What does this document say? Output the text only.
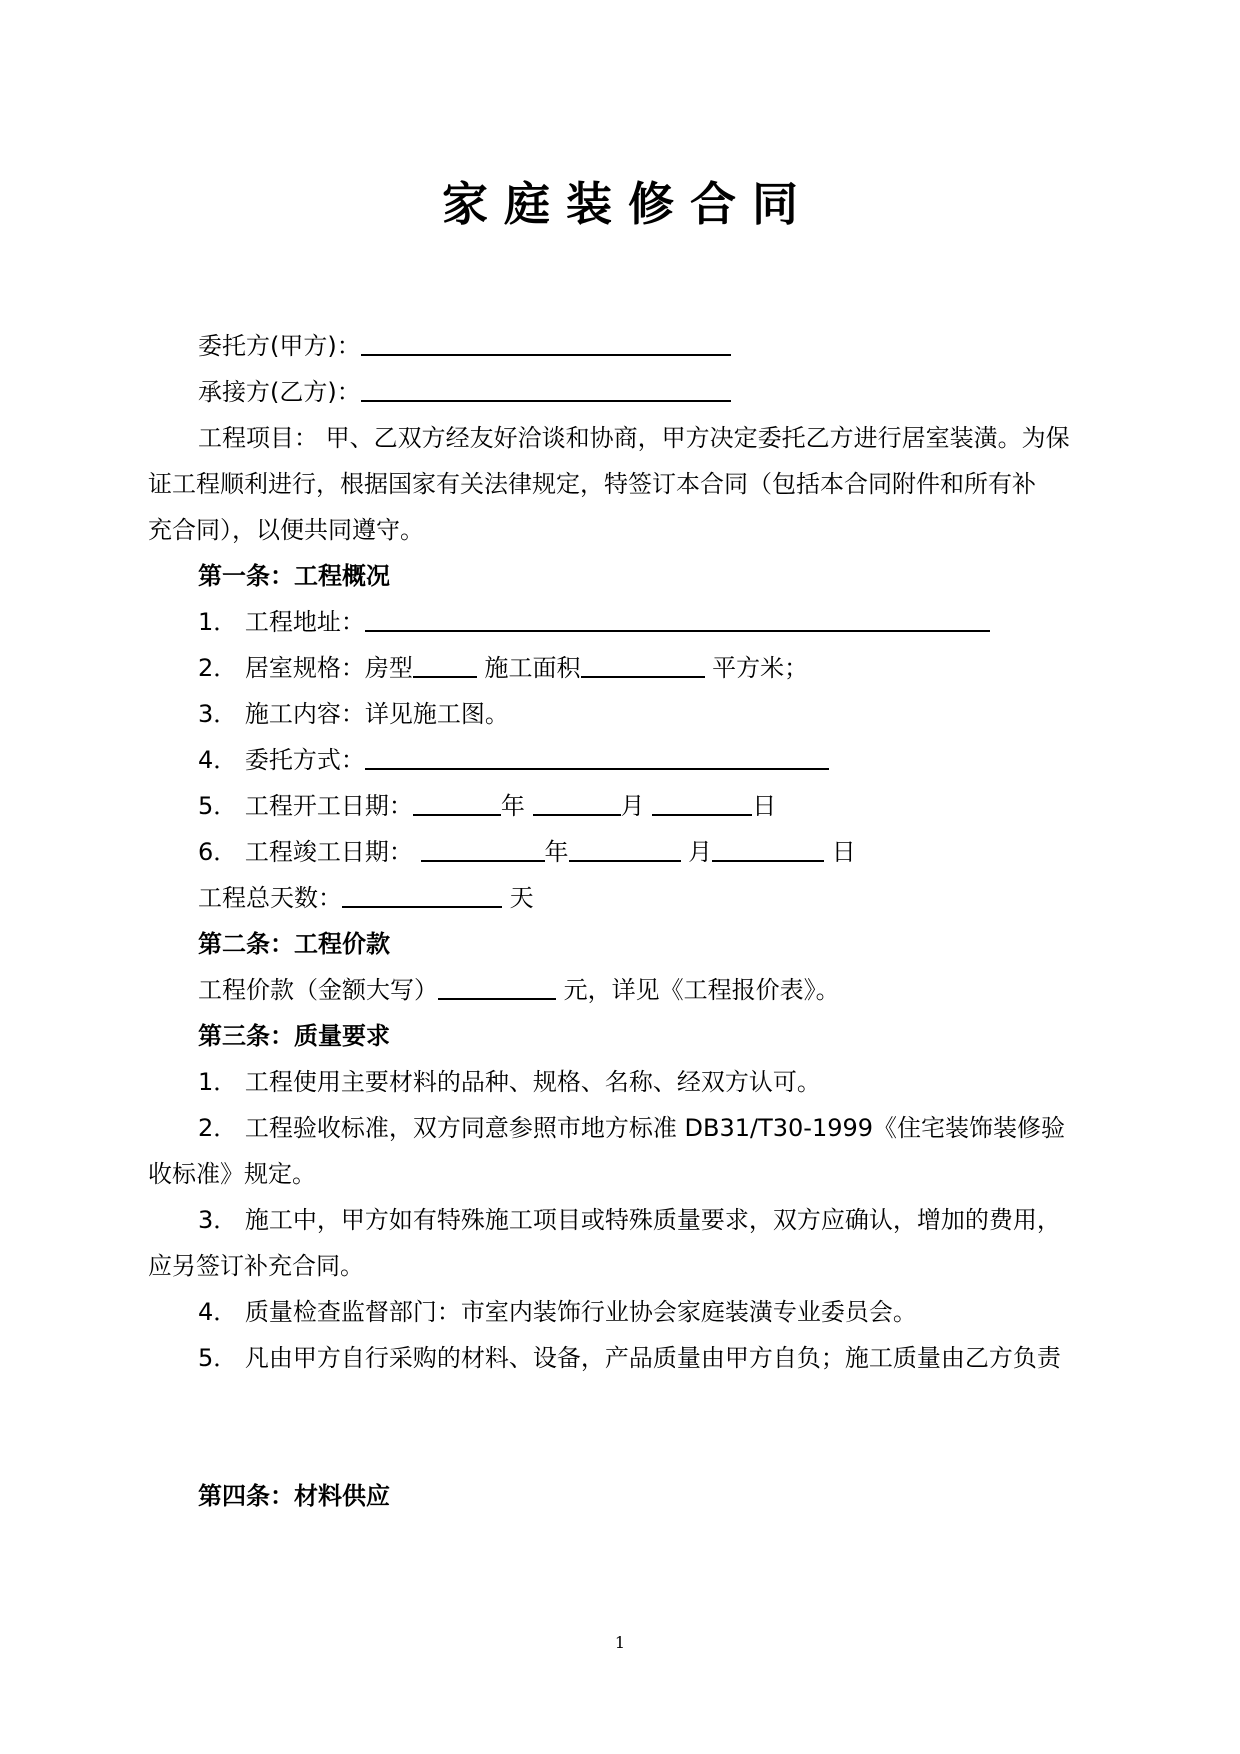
家庭装修合同
委托方(甲方)：
承接方(乙方)：
工程项目： 甲、乙双方经友好洽谈和协商，甲方决定委托乙方进行居室装潢。为保
证工程顺利进行，根据国家有关法律规定，特签订本合同（包括本合同附件和所有补
充合同），以便共同遵守。
第一条：工程概况
1． 工程地址：
2． 居室规格：房型	施工面积	平方米；
3． 施工内容：详见施工图。
4． 委托方式：
5． 工程开工日期：	年	月	日
6． 工程竣工日期：	年	月	日
工程总天数：	天
第二条：工程价款
工程价款（金额大写）	元，详见《工程报价表》。
第三条：质量要求
1． 工程使用主要材料的品种、规格、名称、经双方认可。
2． 工程验收标准，双方同意参照市地方标准 DB31/T30-1999《住宅装饰装修验
收标准》规定。
3． 施工中，甲方如有特殊施工项目或特殊质量要求，双方应确认，增加的费用，
应另签订补充合同。
4． 质量检查监督部门：市室内装饰行业协会家庭装潢专业委员会。
5． 凡由甲方自行采购的材料、设备，产品质量由甲方自负；施工质量由乙方负责
第四条：材料供应
1
